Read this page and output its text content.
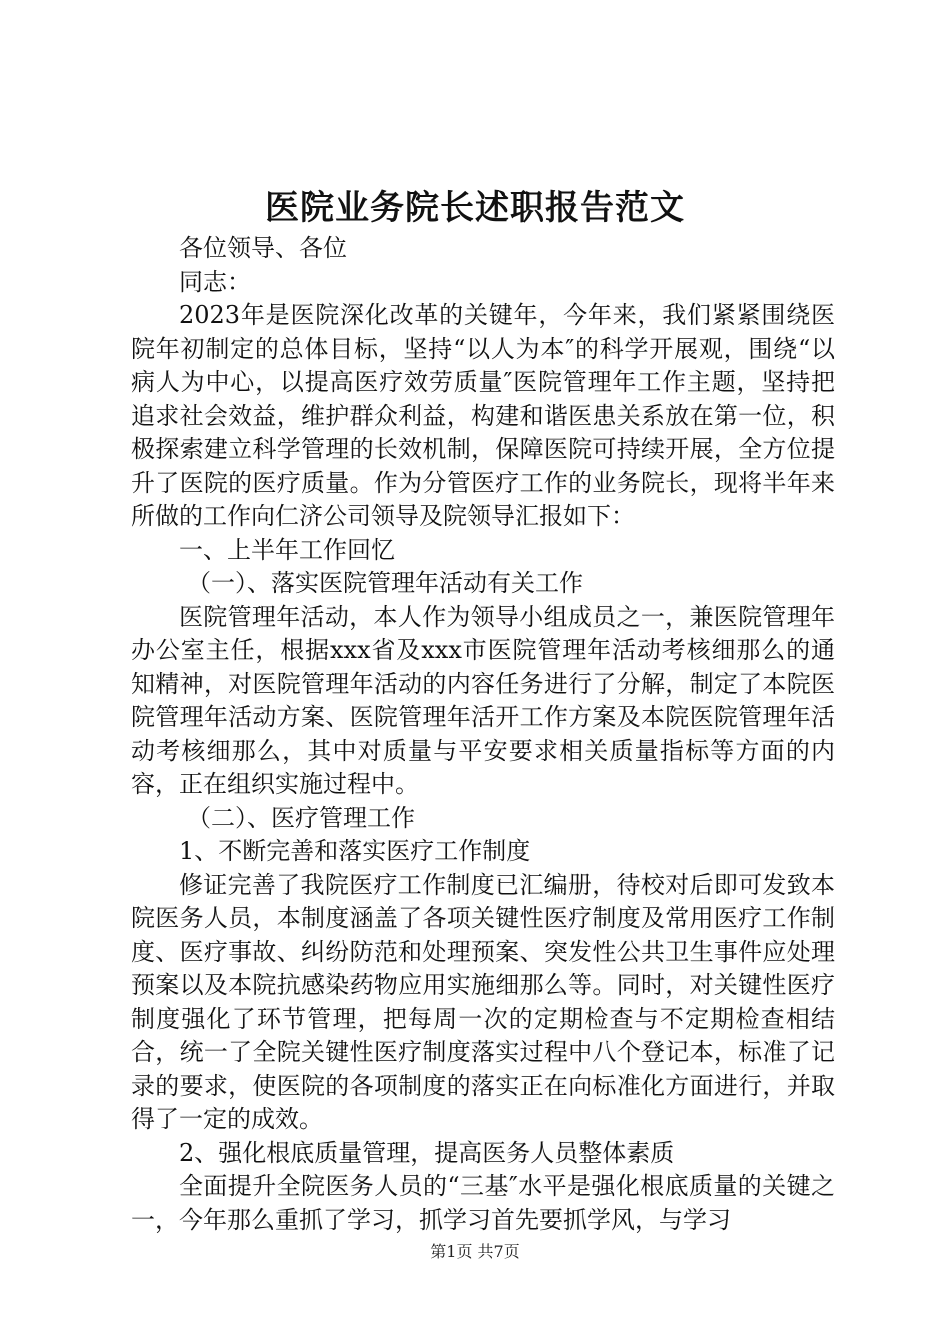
医院业务院长述职报告范文

各位领导、各位

同志：

2023年是医院深化改革的关键年，今年来，我们紧紧围绕医院年初制定的总体目标，坚持“以人为本″的科学开展观，围绕“以病人为中心，以提高医疗效劳质量″医院管理年工作主题，坚持把追求社会效益，维护群众利益，构建和谐医患关系放在第一位，积极探索建立科学管理的长效机制，保障医院可持续开展，全方位提升了医院的医疗质量。作为分管医疗工作的业务院长，现将半年来所做的工作向仁济公司领导及院领导汇报如下：

一、上半年工作回忆

（一）、落实医院管理年活动有关工作

医院管理年活动，本人作为领导小组成员之一，兼医院管理年办公室主任，根据xxx省及xxx市医院管理年活动考核细那么的通知精神，对医院管理年活动的内容任务进行了分解，制定了本院医院管理年活动方案、医院管理年活开工作方案及本院医院管理年活动考核细那么，其中对质量与平安要求相关质量指标等方面的内容，正在组织实施过程中。

（二）、医疗管理工作

1、不断完善和落实医疗工作制度

修证完善了我院医疗工作制度已汇编册，待校对后即可发致本院医务人员，本制度涵盖了各项关键性医疗制度及常用医疗工作制度、医疗事故、纠纷防范和处理预案、突发性公共卫生事件应处理预案以及本院抗感染药物应用实施细那么等。同时，对关键性医疗制度强化了环节管理，把每周一次的定期检查与不定期检查相结合，统一了全院关键性医疗制度落实过程中八个登记本，标准了记录的要求，使医院的各项制度的落实正在向标准化方面进行，并取得了一定的成效。

2、强化根底质量管理，提高医务人员整体素质

全面提升全院医务人员的“三基″水平是强化根底质量的关键之一，今年那么重抓了学习，抓学习首先要抓学风，与学习

第1页 共7页
